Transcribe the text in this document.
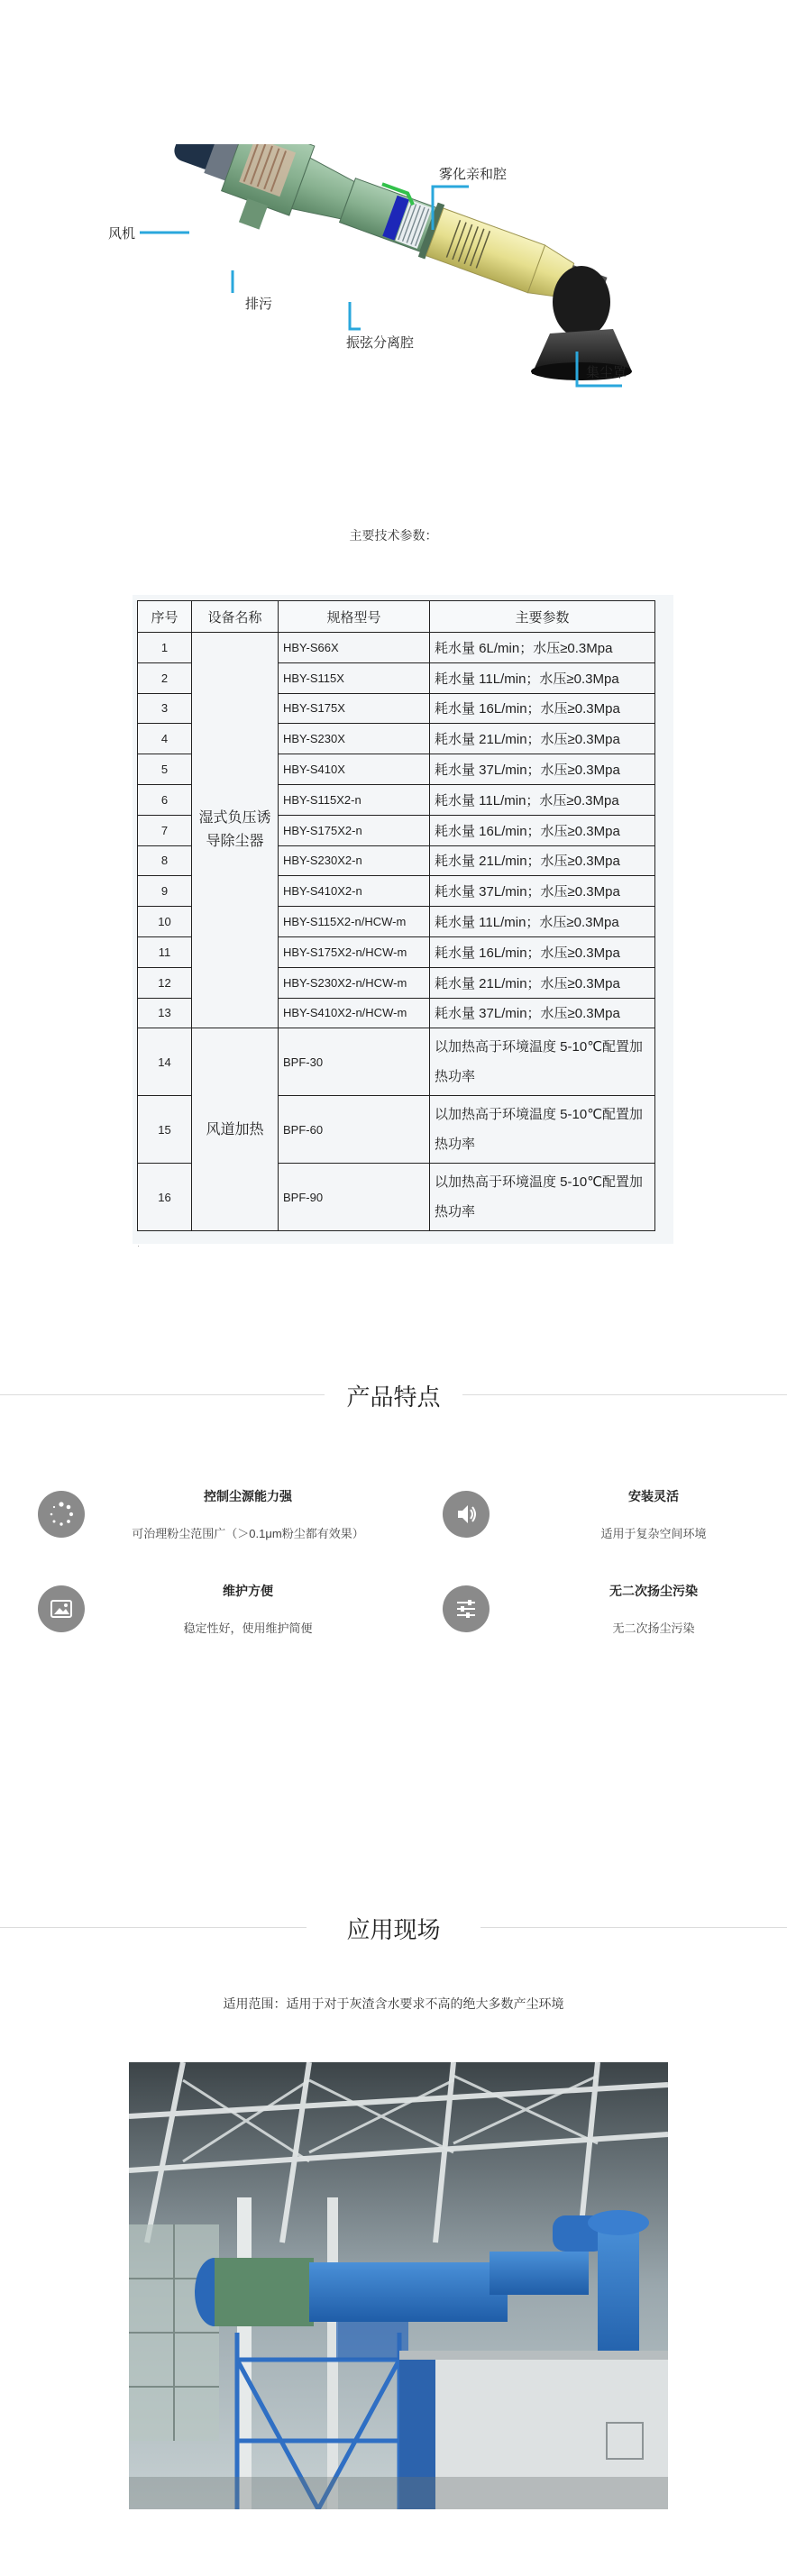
风机
排污
振弦分离腔
雾化亲和腔
集尘罩
主要技术参数：
序号	设备名称	规格型号	主要参数
1	湿式负压诱导除尘器	HBY-S66X	耗水量 6L/min；水压≥0.3Mpa
2		HBY-S115X	耗水量 11L/min；水压≥0.3Mpa
3		HBY-S175X	耗水量 16L/min；水压≥0.3Mpa
4		HBY-S230X	耗水量 21L/min；水压≥0.3Mpa
5		HBY-S410X	耗水量 37L/min；水压≥0.3Mpa
6		HBY-S115X2-n	耗水量 11L/min；水压≥0.3Mpa
7		HBY-S175X2-n	耗水量 16L/min；水压≥0.3Mpa
8		HBY-S230X2-n	耗水量 21L/min；水压≥0.3Mpa
9		HBY-S410X2-n	耗水量 37L/min；水压≥0.3Mpa
10		HBY-S115X2-n/HCW-m	耗水量 11L/min；水压≥0.3Mpa
11		HBY-S175X2-n/HCW-m	耗水量 16L/min；水压≥0.3Mpa
12		HBY-S230X2-n/HCW-m	耗水量 21L/min；水压≥0.3Mpa
13		HBY-S410X2-n/HCW-m	耗水量 37L/min；水压≥0.3Mpa
14	风道加热	BPF-30	以加热高于环境温度 5-10℃配置加热功率
15		BPF-60	以加热高于环境温度 5-10℃配置加热功率
16		BPF-90	以加热高于环境温度 5-10℃配置加热功率
·
产品特点
控制尘源能力强
可治理粉尘范围广（＞0.1μm粉尘都有效果）
安装灵活
适用于复杂空间环境
维护方便
稳定性好，使用维护简便
无二次扬尘污染
无二次扬尘污染
应用现场
适用范围：适用于对于灰渣含水要求不高的绝大多数产尘环境
